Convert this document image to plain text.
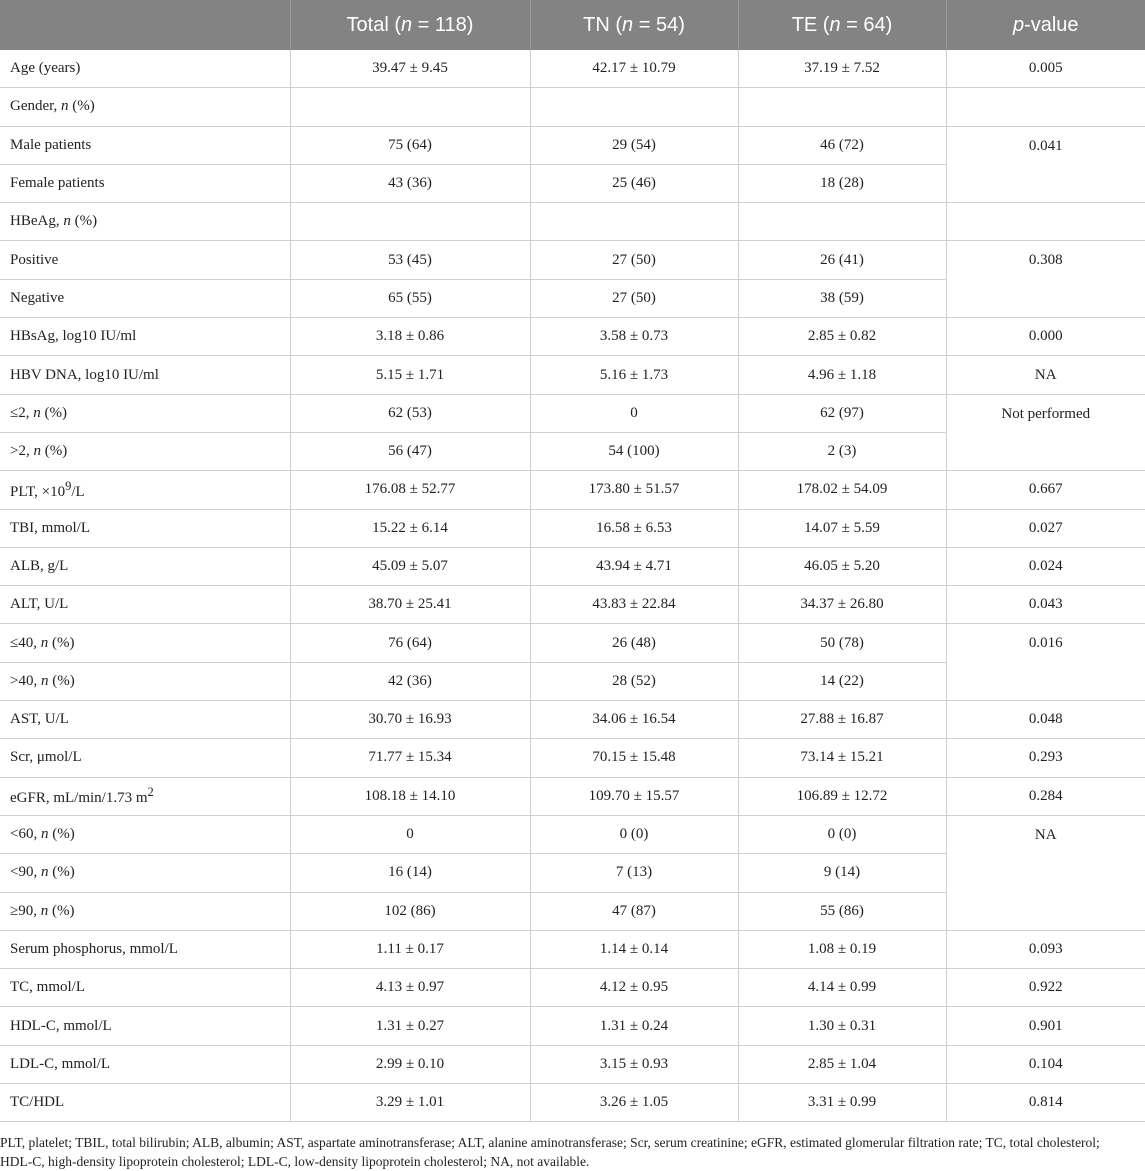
	Total (n = 118)	TN (n = 54)	TE (n = 64)	p-value
Age (years)	39.47 ± 9.45	42.17 ± 10.79	37.19 ± 7.52	0.005
Gender, n (%)				
Male patients	75 (64)	29 (54)	46 (72)	0.041
Female patients	43 (36)	25 (46)	18 (28)	
HBeAg, n (%)				
Positive	53 (45)	27 (50)	26 (41)	0.308
Negative	65 (55)	27 (50)	38 (59)	
HBsAg, log10 IU/ml	3.18 ± 0.86	3.58 ± 0.73	2.85 ± 0.82	0.000
HBV DNA, log10 IU/ml	5.15 ± 1.71	5.16 ± 1.73	4.96 ± 1.18	NA
≤2, n (%)	62 (53)	0	62 (97)	Not performed
>2, n (%)	56 (47)	54 (100)	2 (3)	
PLT, $\times 10^9/L$	176.08 ± 52.77	173.80 ± 51.57	178.02 ± 54.09	0.667
TBI, mmol/L	15.22 ± 6.14	16.58 ± 6.53	14.07 ± 5.59	0.027
ALB, g/L	45.09 ± 5.07	43.94 ± 4.71	46.05 ± 5.20	0.024
ALT, U/L	38.70 ± 25.41	43.83 ± 22.84	34.37 ± 26.80	0.043
≤40, n (%)	76 (64)	26 (48)	50 (78)	0.016
>40, n (%)	42 (36)	28 (52)	14 (22)	
AST, U/L	30.70 ± 16.93	34.06 ± 16.54	27.88 ± 16.87	0.048
Scr, μmol/L	71.77 ± 15.34	70.15 ± 15.48	73.14 ± 15.21	0.293
eGFR, mL/min/1.73 $m^2$	108.18 ± 14.10	109.70 ± 15.57	106.89 ± 12.72	0.284
<60, n (%)	0	0 (0)	0 (0)	NA
<90, n (%)	16 (14)	7 (13)	9 (14)	
≥90, n (%)	102 (86)	47 (87)	55 (86)	
Serum phosphorus, mmol/L	1.11 ± 0.17	1.14 ± 0.14	1.08 ± 0.19	0.093
TC, mmol/L	4.13 ± 0.97	4.12 ± 0.95	4.14 ± 0.99	0.922
HDL-C, mmol/L	1.31 ± 0.27	1.31 ± 0.24	1.30 ± 0.31	0.901
LDL-C, mmol/L	2.99 ± 0.10	3.15 ± 0.93	2.85 ± 1.04	0.104
TC/HDL	3.29 ± 1.01	3.26 ± 1.05	3.31 ± 0.99	0.814
PLT, platelet; TBIL, total bilirubin; ALB, albumin; AST, aspartate aminotransferase; ALT, alanine aminotransferase; Scr, serum creatinine; eGFR, estimated glomerular filtration rate; TC, total cholesterol; HDL-C, high-density lipoprotein cholesterol; LDL-C, low-density lipoprotein cholesterol; NA, not available.
